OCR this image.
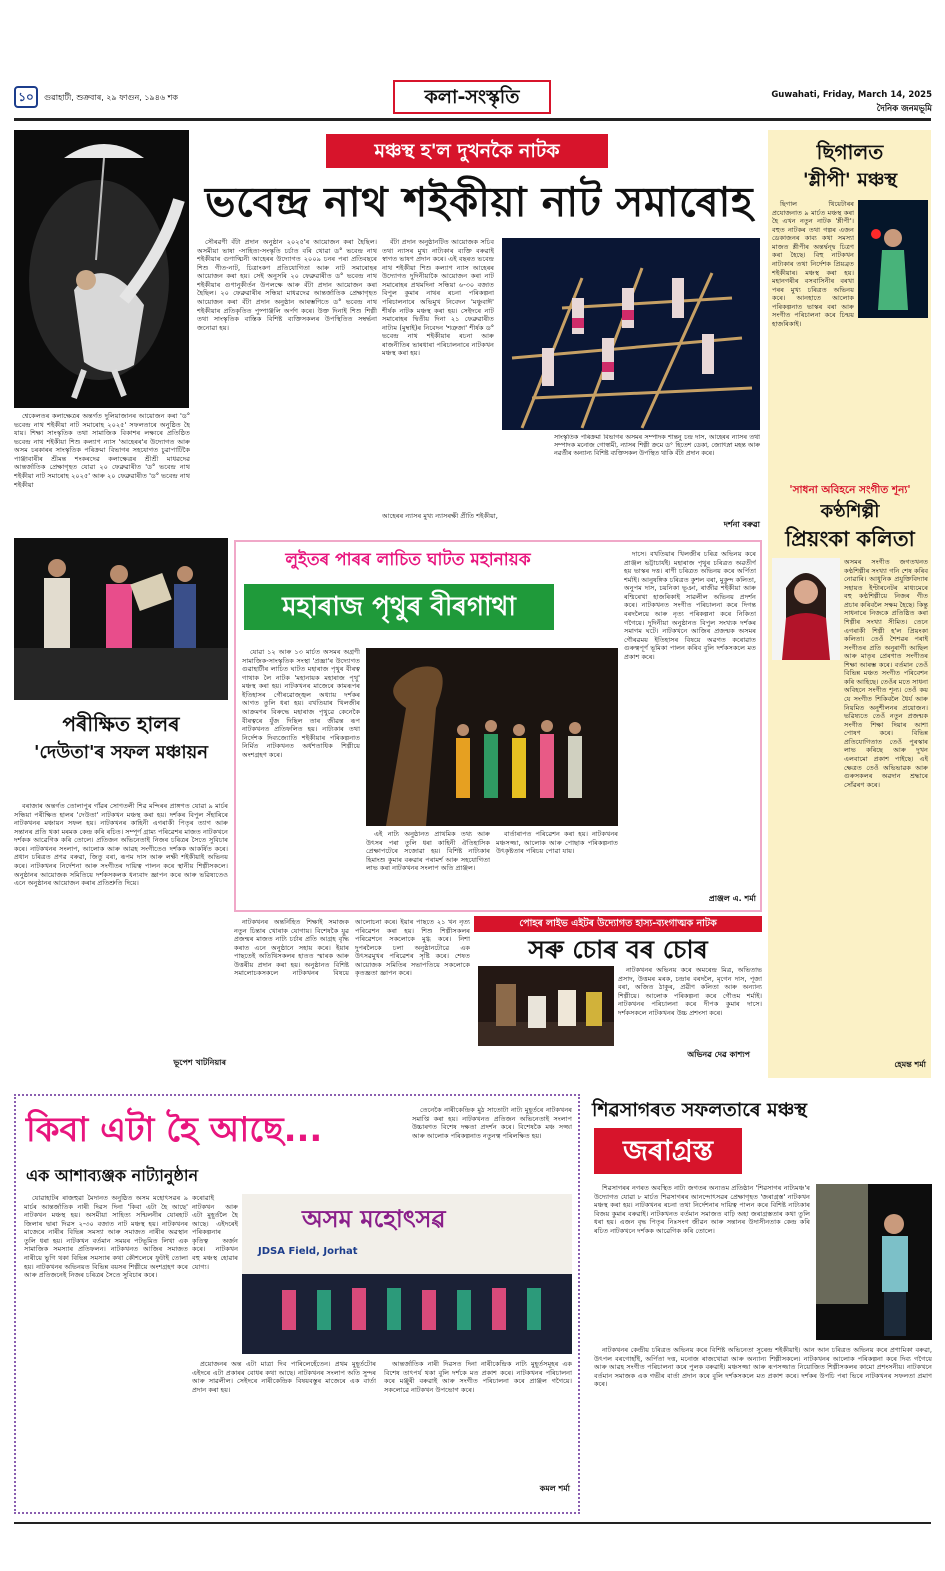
১০	গুৱাহাটী, শুক্ৰবাৰ, ২৯ ফাগুন, ১৯৪৬ শক	কলা-সংস্কৃতি	Guwahati, Friday, March 14, 2025
দৈনিক জনমভূমি
মঞ্চস্থ হ'ল দুখনকৈ নাটক
ভবেন্দ্ৰ নাথ শইকীয়া নাট সমাৰোহ

শ্বেকেলতৰ কলাক্ষেত্ৰৰ অন্তৰ্গত দুলিয়াজানৰ আয়োজন কৰা 'ড° ভবেন্দ্ৰ নাথ শইকীয়া নাট সমাৰোহ ২০২৫' সফলতাৰে অনুষ্ঠিত হৈ যায়। শিক্ষা সাংস্কৃতিক তথা সামাজিক বিকাশৰ লক্ষ্যৰে প্ৰতিষ্ঠিত ভবেন্দ্ৰ নাথ শইকীয়া শিশু কল্যাণ ন্যাস 'আহেৰৰ'ৰ উদ্যোগত আৰু অসম চৰকাৰৰ সাংস্কৃতিক পৰিক্ৰমা বিভাগৰ সহযোগত চুৱাপাটিকৈ পাঞ্জাবাৰীৰ শ্ৰীমন্ত শংকৰদেৱ কলাক্ষেত্ৰৰ শ্ৰীশ্ৰী মাধৱদেৱ আন্তৰ্জাতিক প্ৰেক্ষাগৃহত যোৱা ২০ ফেব্ৰুৱাৰীত 'ড° ভবেন্দ্ৰ নাথ শইকীয়া নাট সমাৰোহ ২০২৫' আৰু ২০ ফেব্ৰুৱাৰীত 'ড° ভবেন্দ্ৰ নাথ শইকীয়া

সৌৰৱণী বঁটা প্ৰদান অনুষ্ঠান ২০২৫'ৰ আয়োজন কৰা হৈছিল। অসমীয়া ভাষা -সাহিত্য-সংস্কৃতি চৰ্চাত বৰি থোৱা ড° ভবেন্দ্ৰ নাথ শইকীয়াৰ গুণাত্মিনী আহেৰৰ উদ্যোগত ২০০৯ চনৰ পৰা প্ৰতিবছৰে শিশু গীত-নাট, চিত্ৰাংকণ প্ৰতিযোগিতা আৰু নাট সমাৰোহৰ আয়োজন কৰা হয়। সেই অনুসৰি ২০ ফেব্ৰুৱাৰীত ড° ভবেন্দ্ৰ নাথ শইকীয়াৰ গুণানুকীৰ্তন উপলক্ষে আৰু বঁটা প্ৰদান আয়োজন কৰা হৈছিল। ২০ ফেব্ৰুৱাৰীৰ সন্ধিয়া মাধৱদেৱ আন্তৰ্জাতিক প্ৰেক্ষাগৃহত আয়োজন কৰা বঁটা প্ৰদান অনুষ্ঠান আৰম্ভণিতে ড° ভবেন্দ্ৰ নাথ শইকীয়াৰ প্ৰতিকৃতিত পুষ্পাঞ্জলি অৰ্পণ কৰে। উক্ত দিনাই শিশু শিল্পী তথা সাংস্কৃতিক বাস্তিক বিশিষ্ট ব্যক্তিসকলৰ উপস্থিতিত সম্বৰ্দ্ধনা জনোৱা হয়।

বঁটা প্ৰদান অনুষ্ঠানটিত আয়োজক সচিব তথা ন্যাসৰ মুখ্য নাট্যকাৰ ব্যক্তি বৰুৱাই স্বাগত ভাষণ প্ৰদান কৰে। এই বছৰত ভবেন্দ্ৰ নাথ শইকীয়া শিশু কল্যাণ ন্যাস আহেৰৰ উদ্যোগত দুদিনীয়াকৈ আয়োজন কৰা নাট সমাৰোহৰ প্ৰথমদিনা সন্ধিয়া ৬-৩০ বজাত বিপুল কুমাৰ নাথৰ ৰচনা পৰিকল্পনা পৰিচালনাৰে অভিমুখ নিবেদন 'মঞ্চুবাঈ' শীৰ্ষক নাটক মঞ্চস্থ কৰা হয়। সেইদৰে নাট সমাৰোহৰ দ্বিতীয় দিনা ২১ ফেব্ৰুৱাৰীত নাট্যম (মুম্বাই)ৰ নিবেদন 'শত্ৰুজা' শীৰ্ষক ড° ভবেন্দ্ৰ নাথ শইকীয়াৰ ৰচনা আৰু ৰাজনীতিৰ ভাৰধাৰা পৰিচালনাৰে নাটকখন মঞ্চস্থ কৰা হয়।

আহেৰৰ ন্যাসৰ মুখ্য ন্যাসৰক্ষী প্ৰীতি শইকীয়া,
সাংস্কৃতিক পৰিক্ৰমা বিভাগৰ অসমৰ সম্পাদক শান্তনু চন্দ্ৰ দাস, আহেৰৰ ন্যাসৰ তথা সম্পাদক মনোজ গোস্বামী, ন্যাসৰ শিল্পী ক্ৰমে ড° হিতেশ ডেকা, জ্যোৎস্না মহন্ত আৰু নৱৰ্তীৰ অন্যান্য বিশিষ্ট ব্যক্তিসকল উপস্থিত থাকি বঁটা প্ৰদান কৰে।
দৰ্শনা বৰুৱা
ছিগালত
'শ্লীপী' মঞ্চস্থ

ছিগাল থিয়েটাৰৰ প্ৰযোজনাত ৯ মাৰ্চত মঞ্চস্থ কৰা হৈ এখন নতুন নাটক 'শ্লীপী'। বহুত নাটকৰ তথা গল্পৰ এজন ডেকাজনৰ কাব্য কথা সমস্যা মাজত শ্লীপীৰ অন্তৰ্দ্বন্দ্ব চিত্ৰণ কৰা হৈছে। বিহু নাটকখন নাট্যকাৰ তথা নিৰ্দেশক প্ৰিয়ব্ৰত শইকীয়াৰ। মঞ্চস্থ কৰা হয়। মহানগৰীৰ বসবাসিনীৰ বৰখা পৰৰ মুখ্য চৰিত্ৰত অভিনয় কৰে। আনহাতে আলোক পৰিকল্পনাত ভাস্কৰ বৰা আৰু সংগীত পৰিচালনা কৰে চিন্ময় হাজৰিকাই।

'সাধনা অবিহনে সংগীত শূন্য'
কণ্ঠশিল্পী
প্ৰিয়ংকা কলিতা

অসমৰ সংগীত জগতখনত কণ্ঠশিল্পীৰ সংখ্যা গনি শেষ কৰিব নোৱাৰি। আধুনিক প্ৰযুক্তিবিদ্যাৰ সহায়ত ইণ্টাৰনেটৰ মাধ্যমেৰে বহু কণ্ঠশিল্পীয়ে নিজৰ গীত প্ৰচাৰ কৰিবলৈ সক্ষম হৈছে। কিন্তু সাধনাৰে নিজকে প্ৰতিষ্ঠিত কৰা শিল্পীৰ সংখ্যা সীমিত। তেনে এগৰাকী শিল্পী হ'ল প্ৰিয়ংকা কলিতা। তেওঁ শৈশৱৰ পৰাই সংগীতৰ প্ৰতি অনুৰাগী আছিল আৰু মাতৃৰ প্ৰেৰণাত সংগীতৰ শিক্ষা আৰম্ভ কৰে। বৰ্তমান তেওঁ বিভিন্ন মঞ্চত সংগীত পৰিবেশন কৰি আহিছে। তেওঁৰ মতে সাধনা অবিহনে সংগীত শূন্য। তেওঁ কয় যে সংগীত শিকিবলৈ ধৈৰ্য আৰু নিয়মিত অনুশীলনৰ প্ৰয়োজন। ভৱিষ্যতে তেওঁ নতুন প্ৰজন্মক সংগীত শিক্ষা দিয়াৰ আশা পোষণ কৰে। বিভিন্ন প্ৰতিযোগিতাত তেওঁ পুৰস্কাৰ লাভ কৰিছে আৰু দুখন এলবামো প্ৰকাশ পাইছে। এই ক্ষেত্ৰত তেওঁ অভিভাৱক আৰু গুৰুসকলৰ অৱদান শ্ৰদ্ধাৰে সোঁৱৰণ কৰে।

হেমন্ত শৰ্মা
পৰীক্ষিত হালৰ
'দেউতা'ৰ সফল মঞ্চায়ন

বৰাজাৰ অন্তৰ্গত তোলাপুৰ গাঁৱৰ সোণতলী শিৱ মন্দিৰৰ প্ৰাঙ্গণত যোৱা ৯ মাৰ্চৰ সন্ধিয়া পৰীক্ষিত হালৰ 'দেউতা' নাটকখন মঞ্চস্থ কৰা হয়। দৰ্শকৰ বিপুল সঁহাৰিৰে নাটকখনৰ মঞ্চায়ন সফল হয়। নাটকখনৰ কাহিনী এগৰাকী পিতৃৰ ত্যাগ আৰু সন্তানৰ প্ৰতি থকা মৰমক কেন্দ্ৰ কৰি ৰচিত। সম্পূৰ্ণ গ্ৰাম্য পৰিৱেশৰ মাজত নাটকখনে দৰ্শকক আৱেগিক কৰি তোলে। প্ৰতিজন অভিনেতাই নিজৰ চৰিত্ৰৰ সৈতে সুবিচাৰ কৰে। নাটকখনৰ সংলাপ, আলোক আৰু আৱহ সংগীতেও দৰ্শকক আকৰ্ষিত কৰে। প্ৰধান চৰিত্ৰত প্ৰণৱ বৰুৱা, জিতু বৰা, ৰূপম দাস আৰু লক্ষী শইকীয়াই অভিনয় কৰে। নাটকখনৰ নিৰ্দেশনা আৰু সংগীতৰ দায়িত্ব পালন কৰে স্থানীয় শিল্পীসকলে। অনুষ্ঠানৰ আয়োজক সমিতিয়ে দৰ্শকসকলক ধন্যবাদ জ্ঞাপন কৰে আৰু ভৱিষ্যতেও এনে অনুষ্ঠানৰ আয়োজন কৰাৰ প্ৰতিশ্ৰুতি দিয়ে।

ভূপেশ খাটনিয়াৰ
লুইতৰ পাৰৰ লাচিত ঘাটত মহানায়ক
মহাৰাজ পৃথুৰ বীৰগাথা

যোৱা ১২ আৰু ১৩ মাৰ্চত অসমৰ অগ্ৰণী সামাজিক-সাংস্কৃতিক সংস্থা 'প্ৰজ্ঞা'ৰ উদ্যোগত গুৱাহাটীৰ লাচিত ঘাটত মহাৰাজ পৃথুৰ বীৰত্ব গাথাক লৈ নাটক 'মহানায়ক মহাৰাজ পৃথু' মঞ্চস্থ কৰা হয়। নাটকখনৰ মাজেৰে কামৰূপৰ ইতিহাসৰ গৌৰৱোজ্জ্বল অধ্যায় দৰ্শকৰ আগত তুলি ধৰা হয়। বখতিয়াৰ খিলজীৰ আক্ৰমণৰ বিৰুদ্ধে মহাৰাজ পৃথুৱে কেনেকৈ বীৰত্বৰে যুঁজ দিছিল তাৰ জীৱন্ত ৰূপ নাটকখনত প্ৰতিফলিত হয়। নাট্যকাৰ তথা নিৰ্দেশক দিব্যজ্যোতি শইকীয়াৰ পৰিকল্পনাত নিৰ্মিত নাটকখনত অৰ্ধশতাধিক শিল্পীয়ে অংশগ্ৰহণ কৰে।

এই নাট্য অনুষ্ঠানত প্ৰাথমিক তথ্য আৰু উৎসৰ পৰা তুলি ধৰা কাহিনী ঐতিহাসিক প্ৰেক্ষাপটেৰে সজোৱা হয়। বিশিষ্ট নাট্যকাৰ হিমাংশু কুমাৰ বৰুৱাৰ পৰামৰ্শ আৰু সহযোগিতা লাভ কৰা নাটকখনৰ সংলাপ অতি প্ৰাঞ্জল।

বাৰ্তাৰাপত পৰিৱেশন কৰা হয়। নাটকখনৰ মঞ্চসজ্জা, আলোক আৰু পোছাক পৰিকল্পনাত উৎকৃষ্টতাৰ পৰিচয় পোৱা যায়।

দাসে। বখতিয়াৰ খিলজীৰ চৰিত্ৰ অভিনয় কৰে প্ৰাঞ্জল ভট্টাচাৰ্যই। মহাৰাজ পৃথুৰ চৰিত্ৰত অৱতীৰ্ণ হয় ভাস্কৰ দত্ত। ৰাণী চৰিত্ৰত অভিনয় কৰে অৰ্পিতা শৰ্মাই। আনুষঙ্গিক চৰিত্ৰত কুশল বৰা, মুকুন্দ কলিতা, অনুপম দাস, চয়নিকা ভূঞা, ৰাজীৱ শইকীয়া আৰু ৰশ্মিৰেখা হাজৰিকাই সাৱলীল অভিনয় প্ৰদৰ্শন কৰে। নাটকখনত সংগীত পৰিচালনা কৰে দিগন্ত বৰদলৈয়ে আৰু নৃত্য পৰিকল্পনা কৰে নিকিতা গগৈয়ে। দুদিনীয়া অনুষ্ঠানত বিপুল সংখ্যক দৰ্শকৰ সমাগম ঘটে। নাটকখনে আজিৰ প্ৰজন্মক অসমৰ গৌৰৱময় ইতিহাসৰ বিষয়ে অৱগত কৰোৱাত গুৰুত্বপূৰ্ণ ভূমিকা পালন কৰিব বুলি দৰ্শকসকলে মত প্ৰকাশ কৰে।

প্ৰাঞ্জল এ. শৰ্মা

নাটকখনৰ অন্তৰ্নিহিত শিক্ষাই সমাজক নতুন চিন্তাৰ খোৰাক যোগায়। বিশেষকৈ যুৱ প্ৰজন্মৰ মাজত নাট্য চৰ্চাৰ প্ৰতি আগ্ৰহ বৃদ্ধি কৰাত এনে অনুষ্ঠানে সহায় কৰে। ইয়াৰ পাছতেই অতিথিসকলৰ হাতত স্মাৰক আৰু উত্তৰীয় প্ৰদান কৰা হয়। অনুষ্ঠানত বিশিষ্ট সমালোচকসকলে নাটকখনৰ বিষয়ে আলোচনা কৰে। ইয়াৰ পাছতে ২১ খন নৃত্য পৰিৱেশন কৰা হয়। শিশু শিল্পীসকলৰ পৰিৱেশনে সকলোকে মুগ্ধ কৰে। নিশা দুপৰলৈকে চলা অনুষ্ঠানটোৱে এক উৎসৱমুখৰ পৰিৱেশৰ সৃষ্টি কৰে। শেষত আয়োজক সমিতিৰ সভাপতিয়ে সকলোকে কৃতজ্ঞতা জ্ঞাপন কৰে।

পোহৰ লাইভ এইটৰ উদ্যোগত হাস্য-ব্যংগাত্মক নাটক
সৰু চোৰ বৰ চোৰ

নাটকখনৰ অভিনয় কৰে অমৰেন্দ্ৰ মিত্ৰ, অভিতাভ প্ৰসাদ, উত্তমৰ মৰক, চন্দ্ৰাৰ বৰদলৈ, মৃগেন দাস, পূজা বৰা, অজিত ঠাকুৰ, প্ৰৱীণ কলিতা আৰু অন্যান্য শিল্পীয়ে। আলোক পৰিকল্পনা কৰে গৌতম শৰ্মাই। নাটকখনৰ পৰিচালনা কৰে দীপক কুমাৰ দাসে। দৰ্শকসকলে নাটকখনৰ উচ্চ প্ৰশংসা কৰে।

অভিনৱ দেৱ কাশ্যপ
কিবা এটা হৈ আছে...
এক আশাব্যঞ্জক নাট্যানুষ্ঠান

তেনেকৈ নাৰীকেন্দ্ৰিক মুঠ সাতোটা নাট্য মুহূৰ্তৰে নাটকখনৰ সমাপ্তি কৰা হয়। নাটকখনত প্ৰতিজন অভিনেতাই সংলাপ উচ্চাৰণত বিশেষ দক্ষতা প্ৰদৰ্শন কৰে। বিশেষকৈ মঞ্চ সজ্জা আৰু আলোক পৰিকল্পনাত নতুনত্ব পৰিলক্ষিত হয়।

যোৱাহাটৰ ৰাজহুৱা মৈদানত অনুষ্ঠিত অসম মহোৎসৱৰ ৯ মাৰ্চৰ আন্তৰ্জাতিক নাৰী দিৱস দিনা 'কিবা এটা হৈ আছে' নাটকখন মঞ্চস্থ হয়। অসমীয়া সাহিত্য সন্মিলনীৰ যোৰহাট জিলাৰ দ্বাৰা দিৱস ২-৩০ বজাত নাট মঞ্চস্থ হয়। নাটকখনৰ মাজেৰে নাৰীৰ বিভিন্ন সমস্যা আৰু সমাজত নাৰীৰ অৱস্থান তুলি ধৰা হয়। নাটকখন বৰ্তমান সময়ৰ পটভূমিত লিখা এক সামাজিক সমস্যাৰ প্ৰতিফলন। নাটকখনত আজিৰ সমাজত নাৰীয়ে ভুগি থকা বিভিন্ন সমস্যাৰ কথা কৌশলেৰে ফুটাই তোলা হয়। নাটকখনৰ অভিনয়ত বিভিন্ন বয়সৰ শিল্পীয়ে অংশগ্ৰহণ কৰে আৰু প্ৰতিজনেই নিজৰ চৰিত্ৰৰ সৈতে সুবিচাৰ কৰে।

কৰোৱাই নাটকখন আৰু এটা মুহূৰ্তলৈ হৈ আছে। এইদৰেই পৰিকল্পনাৰ কৃতিত্ব অৰ্জন কৰে। নাটকখন বহু মঞ্চস্থ হোৱাৰ যোগ্য।
অসম মহোৎসৱ
JDSA Field, Jorhat

প্ৰয়োজনৰ অন্ত এটা মাত্ৰা দিব পাৰিলেহেঁতেন। প্ৰথম মুহূৰ্তটোৰ এইদৰে এটা প্ৰকাৰৰ বোধৰ কথা আছে। নাটকখনৰ সংলাপ অতি সুন্দৰ আৰু সাৱলীল। সেইদৰে নাৰীকেন্দ্ৰিক বিষয়বস্তুৰ মাজেৰে এক বাৰ্তা প্ৰদান কৰা হয়।

আন্তৰ্জাতিক নাৰী দিৱসত দিনা নাৰীকেন্দ্ৰিক নাট্য মুহূৰ্তসমূহৰ এক বিশেষ তাৎপৰ্য থকা বুলি দৰ্শকে মত প্ৰকাশ কৰে। নাটকখনৰ পৰিচালনা কৰে মঞ্জুৰী বৰুৱাই আৰু সংগীত পৰিচালনা কৰে প্ৰাঞ্জল গগৈয়ে। সকলোৱে নাটকখন উপভোগ কৰে।

কমল শৰ্মা
শিৱসাগৰত সফলতাৰে মঞ্চস্থ
জৰাগ্ৰস্ত

শিৱসাগৰৰ নগৰত অবস্থিত নাট্য জগতৰ অন্যতম প্ৰতিষ্ঠান 'শিৱসাগৰ নাট্যমঞ্চ'ৰ উদ্যোগত যোৱা ৮ মাৰ্চত শিৱসাগৰৰ আনন্দোৎসৱৰ প্ৰেক্ষাগৃহত 'জৰাগ্ৰস্ত' নাটকখন মঞ্চস্থ কৰা হয়। নাটকখনৰ ৰচনা তথা নিৰ্দেশনাৰ দায়িত্ব পালন কৰে বিশিষ্ট নাট্যকাৰ বিজয় কুমাৰ বৰুৱাই। নাটকখনত বৰ্তমান সমাজত বাঢ়ি অহা জৰাগ্ৰস্ততাৰ কথা তুলি ধৰা হয়। এজন বৃদ্ধ পিতৃৰ নিঃসংগ জীৱন আৰু সন্তানৰ উদাসীনতাক কেন্দ্ৰ কৰি ৰচিত নাটকখনে দৰ্শকক আৱেগিক কৰি তোলে।

নাটকখনৰ কেন্দ্ৰীয় চৰিত্ৰত অভিনয় কৰে বিশিষ্ট অভিনেতা সুৰেন্দ্ৰ শইকীয়াই। আন আন চৰিত্ৰত অভিনয় কৰে প্ৰণামিকা বৰুৱা, উৎপল বৰগোহাঁই, অৰ্পিতা দত্ত, মনোজ ৰাজখোৱা আৰু অন্যান্য শিল্পীসকলে। নাটকখনৰ আলোক পৰিকল্পনা কৰে দিব্য গগৈয়ে আৰু আৱহ সংগীত পৰিচালনা কৰে পুলক বৰুৱাই। মঞ্চসজ্জা আৰু ৰূপসজ্জাত নিয়োজিত শিল্পীসকলৰ কামো প্ৰশংসনীয়। নাটকখনে বৰ্তমান সমাজক এক গভীৰ বাৰ্তা প্ৰদান কৰে বুলি দৰ্শকসকলে মত প্ৰকাশ কৰে। দৰ্শকৰ উপচি পৰা ভিৰে নাটকখনৰ সফলতা প্ৰমাণ কৰে।
